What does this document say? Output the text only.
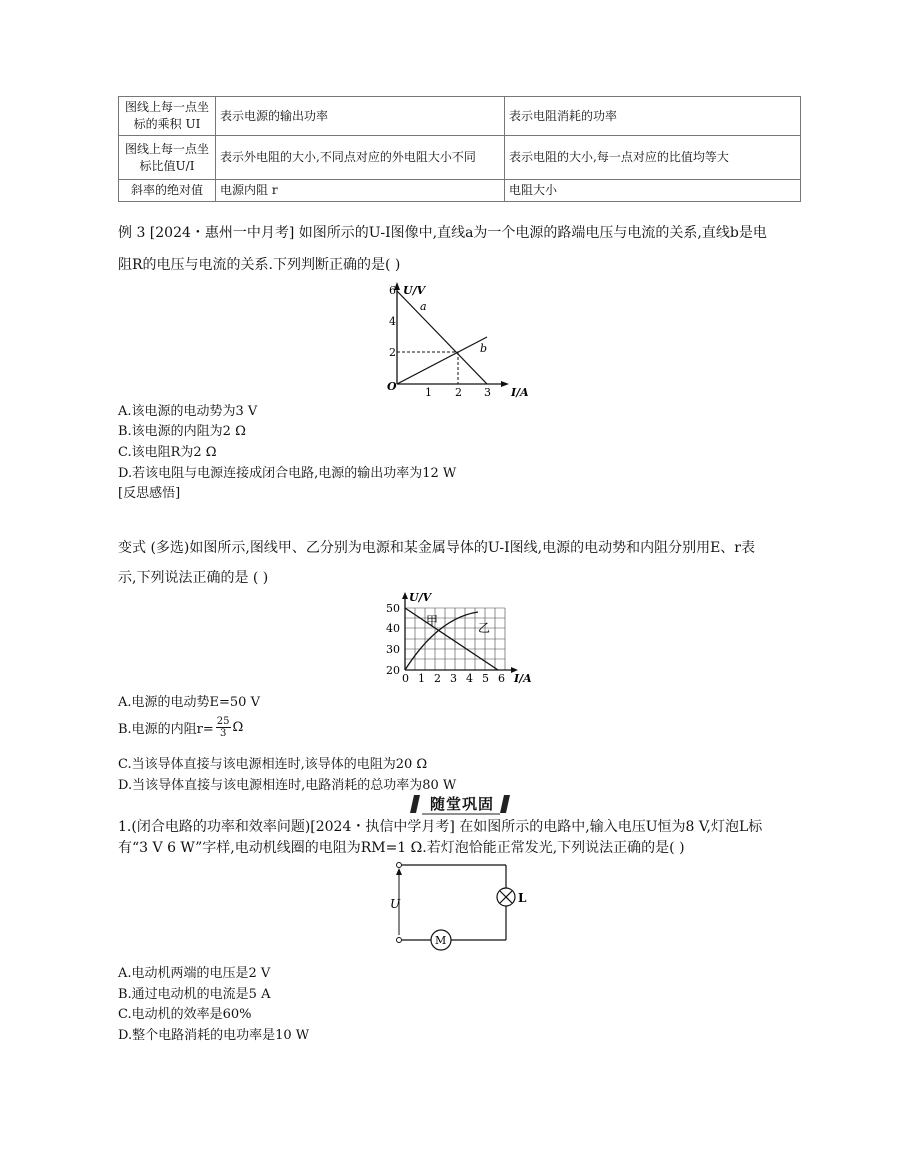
图线上每一点坐标的乘积 UI	表示电源的输出功率	表示电阻消耗的功率
图线上每一点坐标比值U/I	表示外电阻的大小,不同点对应的外电阻大小不同	表示电阻的大小,每一点对应的比值均等大
斜率的绝对值	电源内阻 r	电阻大小
例 3 [2024・惠州一中月考] 如图所示的U-I图像中,直线a为一个电源的路端电压与电流的关系,直线b是电
阻R的电压与电流的关系.下列判断正确的是( )
U/V
I/A
O
2
4
6
1 2 3
a
b
A.该电源的电动势为3 V
B.该电源的内阻为2 Ω
C.该电阻R为2 Ω
D.若该电阻与电源连接成闭合电路,电源的输出功率为12 W
[反思感悟]
变式 (多选)如图所示,图线甲、乙分别为电源和某金属导体的U-I图线,电源的电动势和内阻分别用E、r表
示,下列说法正确的是 ( )
U/V
I/A
20
30
40
50
0 1 2 3 4 5 6
甲	乙
A.电源的电动势E=50 V
B.电源的内阻$r= \frac{25}{3}$ Ω
C.当该导体直接与该电源相连时,该导体的电阻为20 Ω
D.当该导体直接与该电源相连时,电路消耗的总功率为80 W
随堂巩固
1.(闭合电路的功率和效率问题)[2024・执信中学月考] 在如图所示的电路中,输入电压U恒为8 V,灯泡L标
有“3 V 6 W”字样,电动机线圈的电阻为RM=1 Ω.若灯泡恰能正常发光,下列说法正确的是( )
U	L
M
A.电动机两端的电压是2 V
B.通过电动机的电流是5 A
C.电动机的效率是60%
D.整个电路消耗的电功率是10 W
